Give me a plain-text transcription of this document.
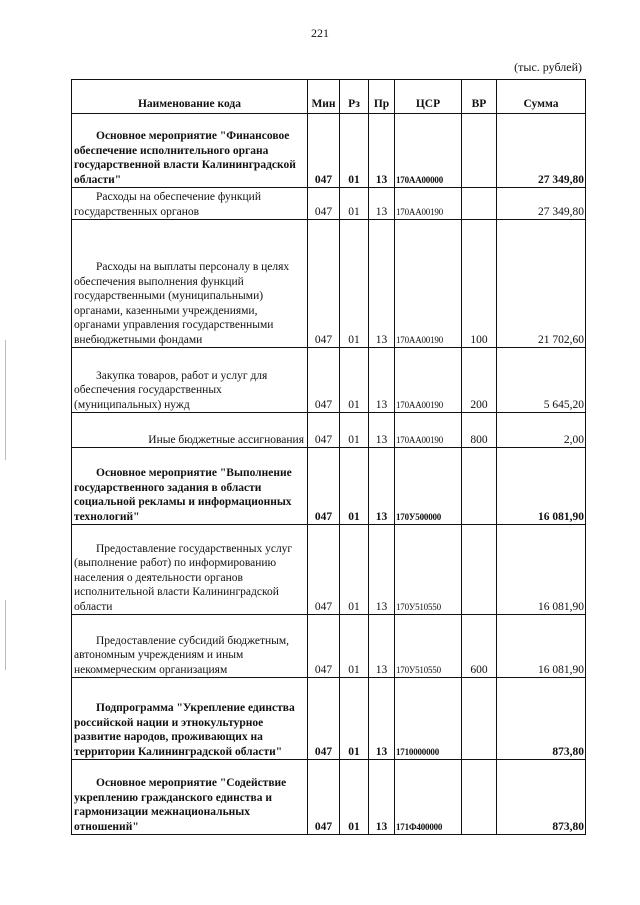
221
(тыс. рублей)
Наименование кода	Мин	Рз	Пр	ЦСР	ВР	Сумма
Основное мероприятие "Финансовое обеспечение исполнительного органа государственной власти Калининградской области"	047	01	13	170АА00000		27 349,80
Расходы на обеспечение функций государственных органов	047	01	13	170АА00190		27 349,80
Расходы на выплаты персоналу в целях обеспечения выполнения функций государственными (муниципальными) органами, казенными учреждениями, органами управления государственными внебюджетными фондами	047	01	13	170АА00190	100	21 702,60
Закупка товаров, работ и услуг для обеспечения государственных (муниципальных) нужд	047	01	13	170АА00190	200	5 645,20
Иные бюджетные ассигнования	047	01	13	170АА00190	800	2,00
Основное мероприятие "Выполнение государственного задания в области социальной рекламы и информационных технологий"	047	01	13	170У500000		16 081,90
Предоставление государственных услуг (выполнение работ) по информированию населения о деятельности органов исполнительной власти Калининградской области	047	01	13	170У510550		16 081,90
Предоставление субсидий бюджетным, автономным учреждениям и иным некоммерческим организациям	047	01	13	170У510550	600	16 081,90
Подпрограмма "Укрепление единства российской нации и этнокультурное развитие народов, проживающих на территории Калининградской области"	047	01	13	1710000000		873,80
Основное мероприятие "Содействие укреплению гражданского единства и гармонизации межнациональных отношений"	047	01	13	171Ф400000		873,80
